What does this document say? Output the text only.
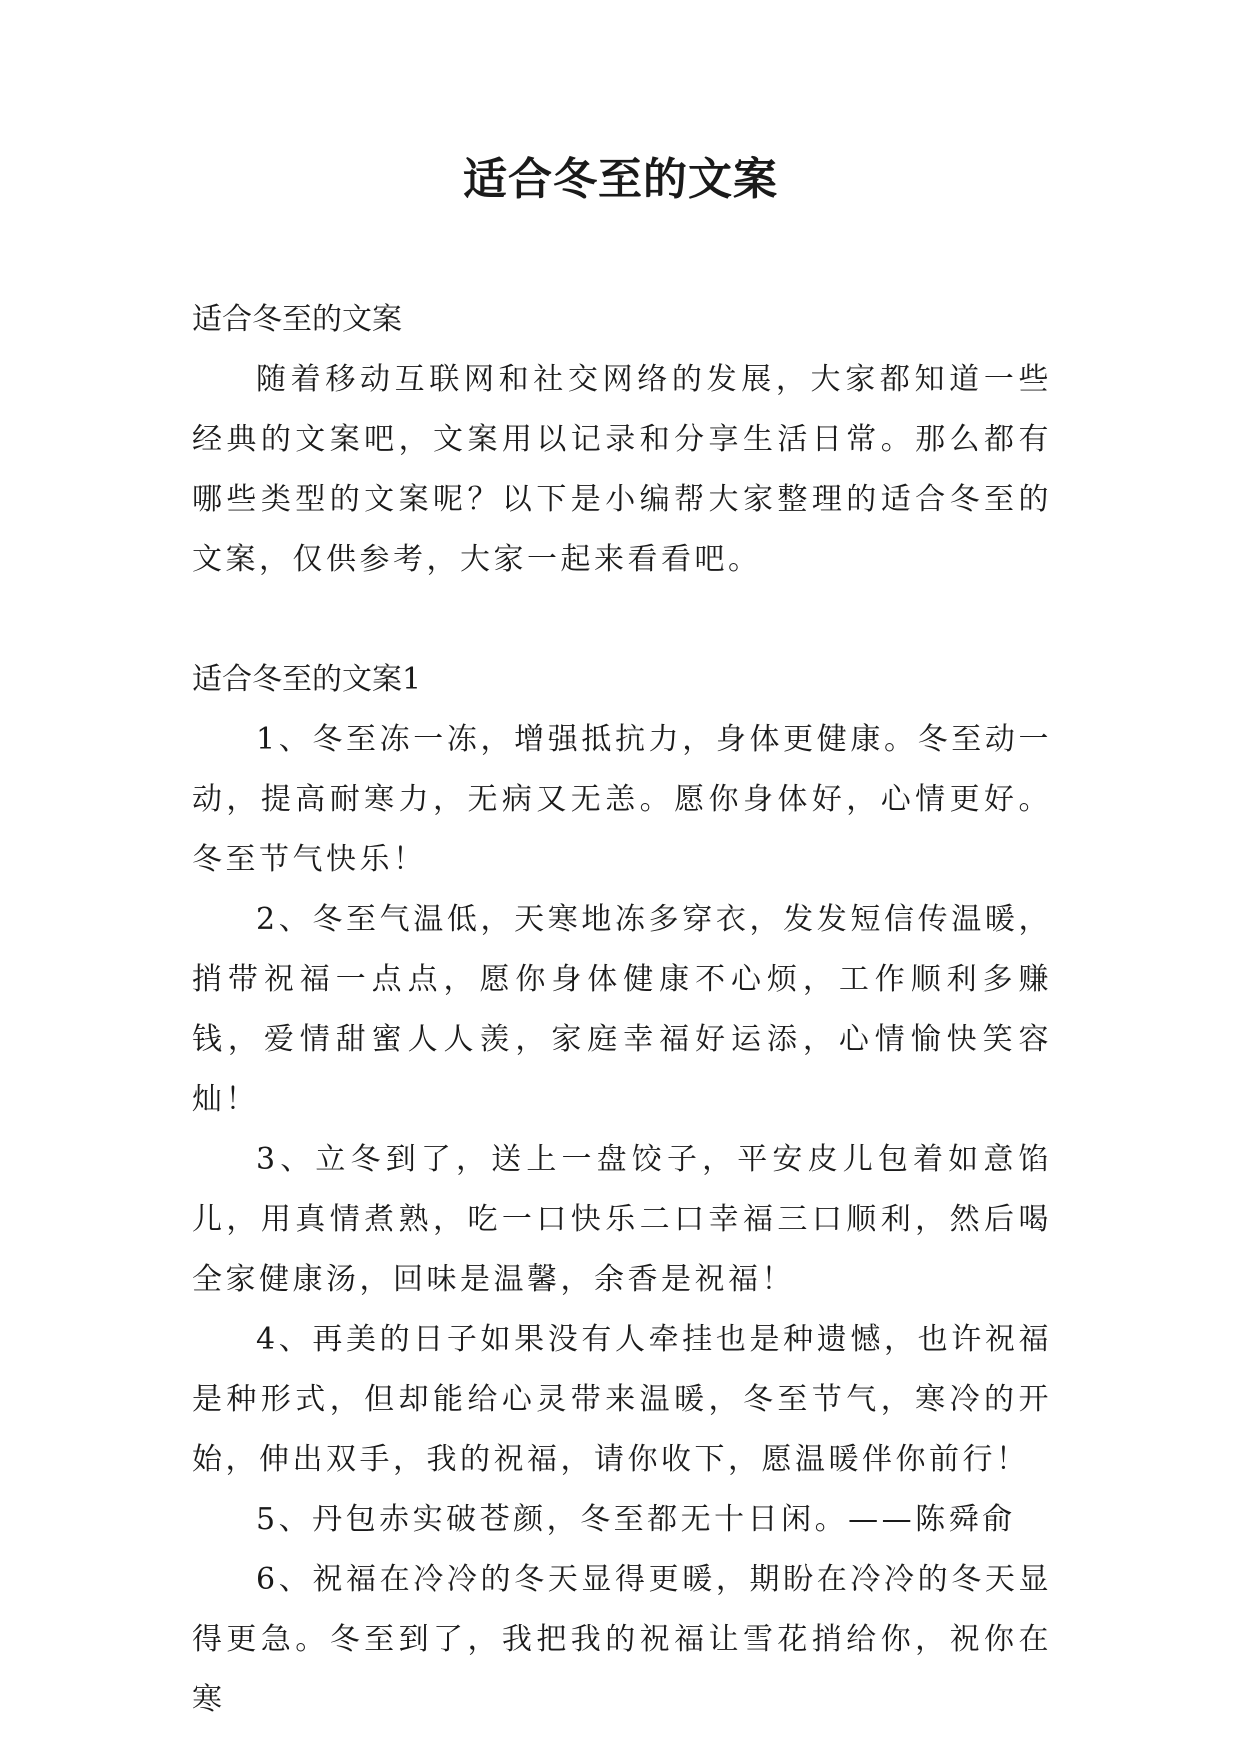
适合冬至的文案

适合冬至的文案

随着移动互联网和社交网络的发展，大家都知道一些经典的文案吧，文案用以记录和分享生活日常。那么都有哪些类型的文案呢？以下是小编帮大家整理的适合冬至的文案，仅供参考，大家一起来看看吧。

适合冬至的文案1

1、冬至冻一冻，增强抵抗力，身体更健康。冬至动一动，提高耐寒力，无病又无恙。愿你身体好，心情更好。冬至节气快乐！

2、冬至气温低，天寒地冻多穿衣，发发短信传温暖，捎带祝福一点点，愿你身体健康不心烦，工作顺利多赚钱，爱情甜蜜人人羡，家庭幸福好运添，心情愉快笑容灿！

3、立冬到了，送上一盘饺子，平安皮儿包着如意馅儿，用真情煮熟，吃一口快乐二口幸福三口顺利，然后喝全家健康汤，回味是温馨，余香是祝福！

4、再美的日子如果没有人牵挂也是种遗憾，也许祝福是种形式，但却能给心灵带来温暖，冬至节气，寒冷的开始，伸出双手，我的祝福，请你收下，愿温暖伴你前行！

5、丹包赤实破苍颜，冬至都无十日闲。——陈舜俞

6、祝福在冷冷的冬天显得更暖，期盼在冷冷的冬天显得更急。冬至到了，我把我的祝福让雪花捎给你，祝你在寒
